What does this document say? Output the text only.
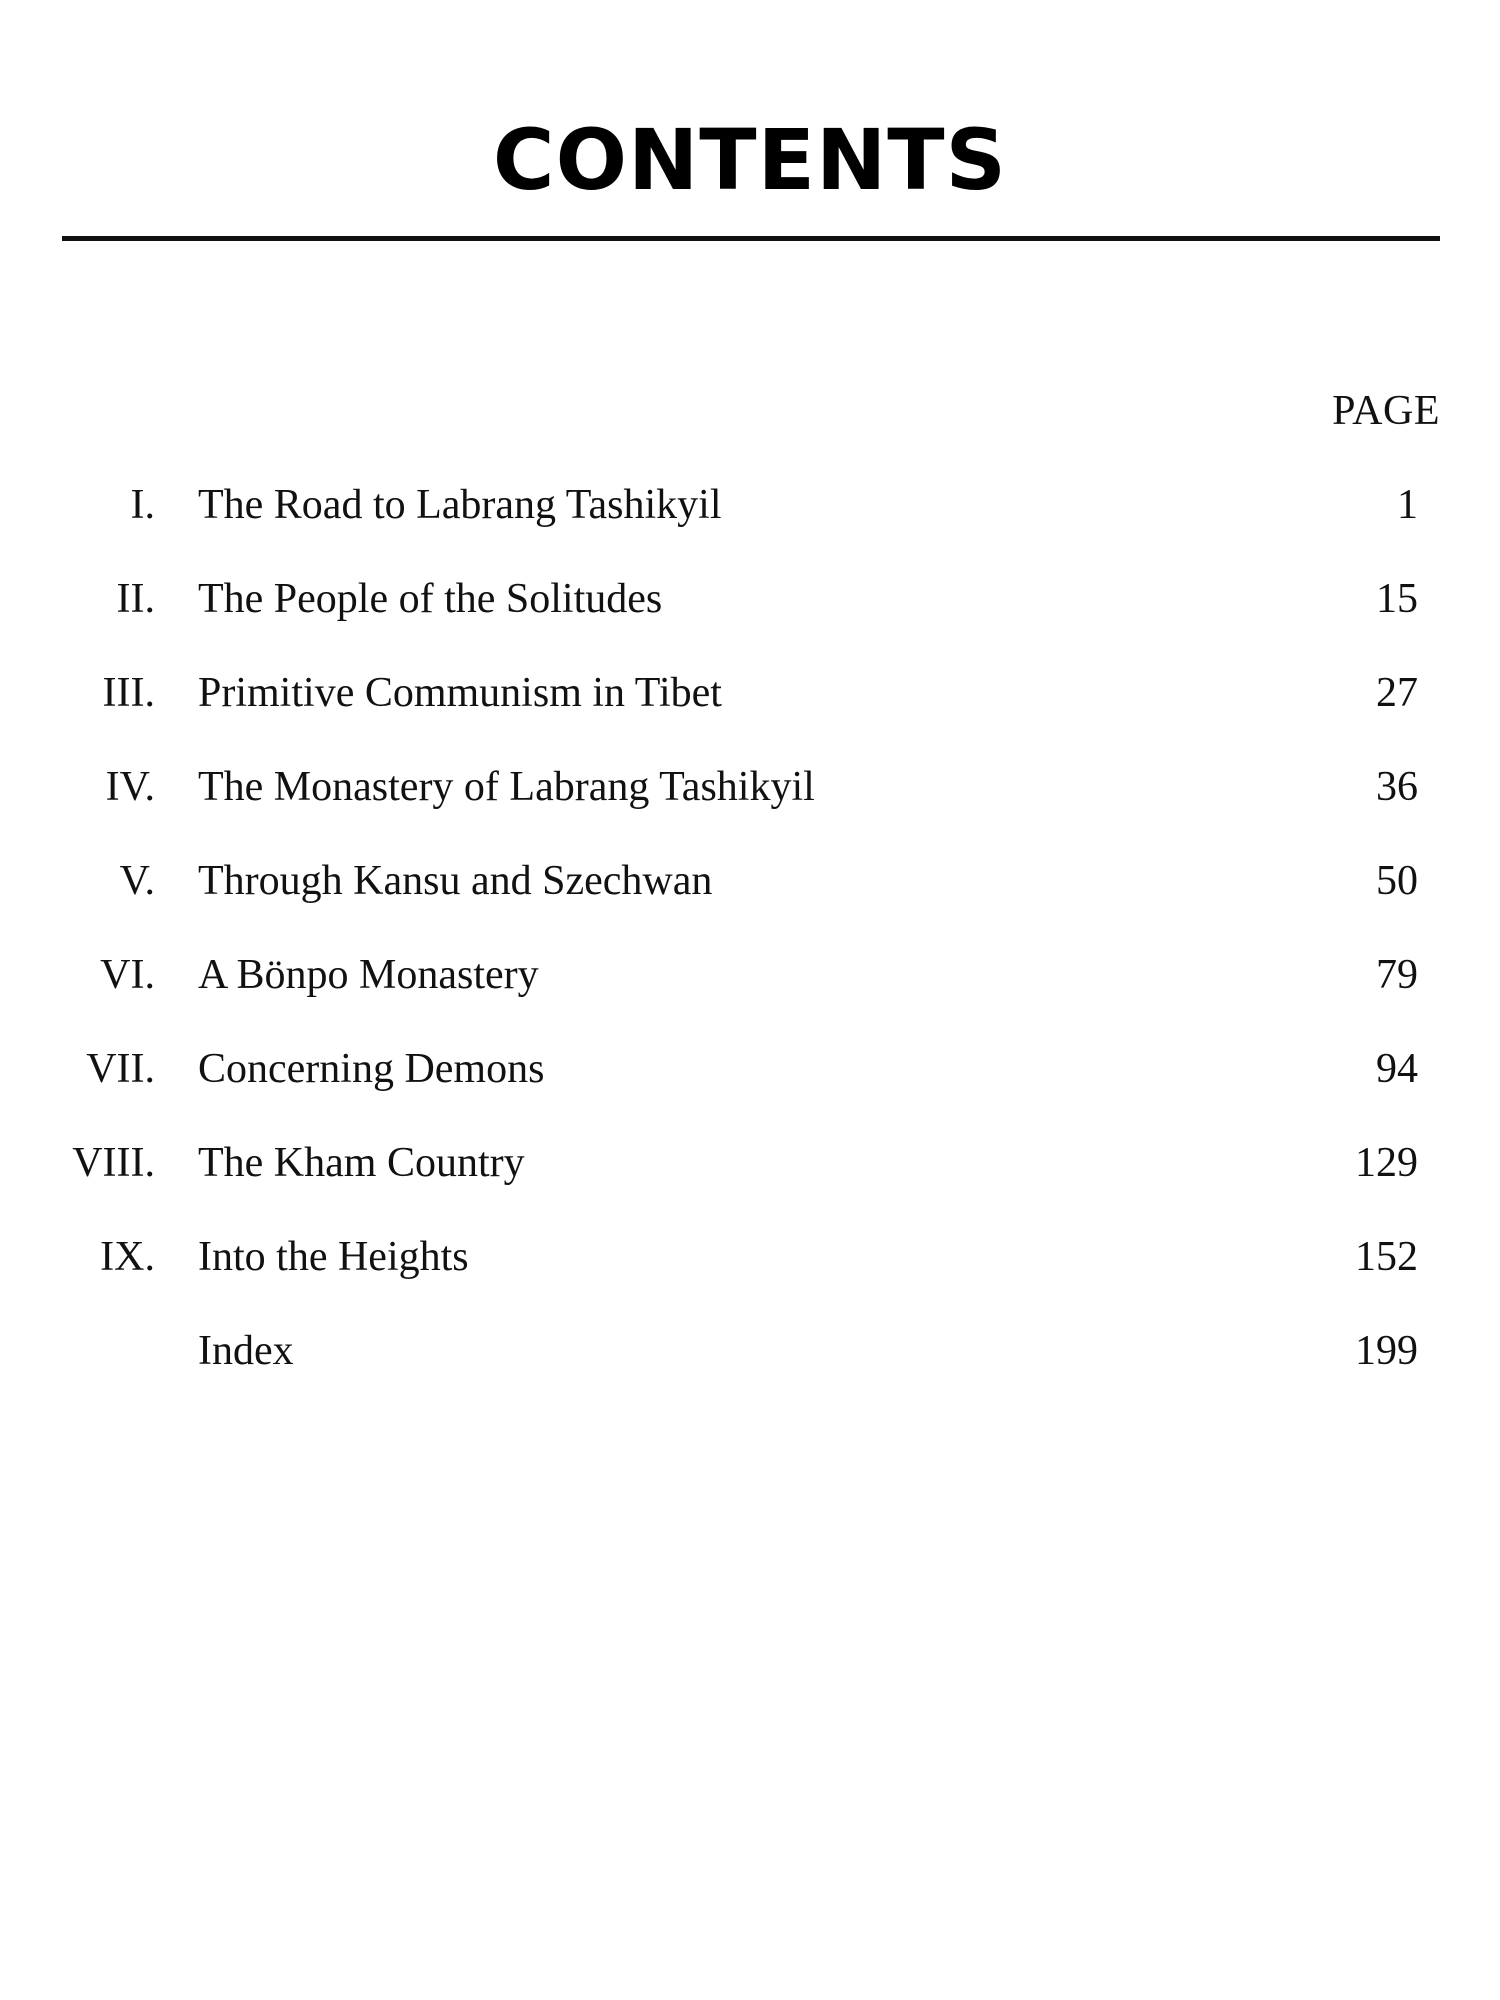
CONTENTS
PAGE
I. The Road to Labrang Tashikyil	1
II. The People of the Solitudes	15
III. Primitive Communism in Tibet	27
IV. The Monastery of Labrang Tashikyil	36
V. Through Kansu and Szechwan	50
VI. A Bönpo Monastery	79
VII. Concerning Demons	94
VIII. The Kham Country	129
IX. Into the Heights	152
Index	199
